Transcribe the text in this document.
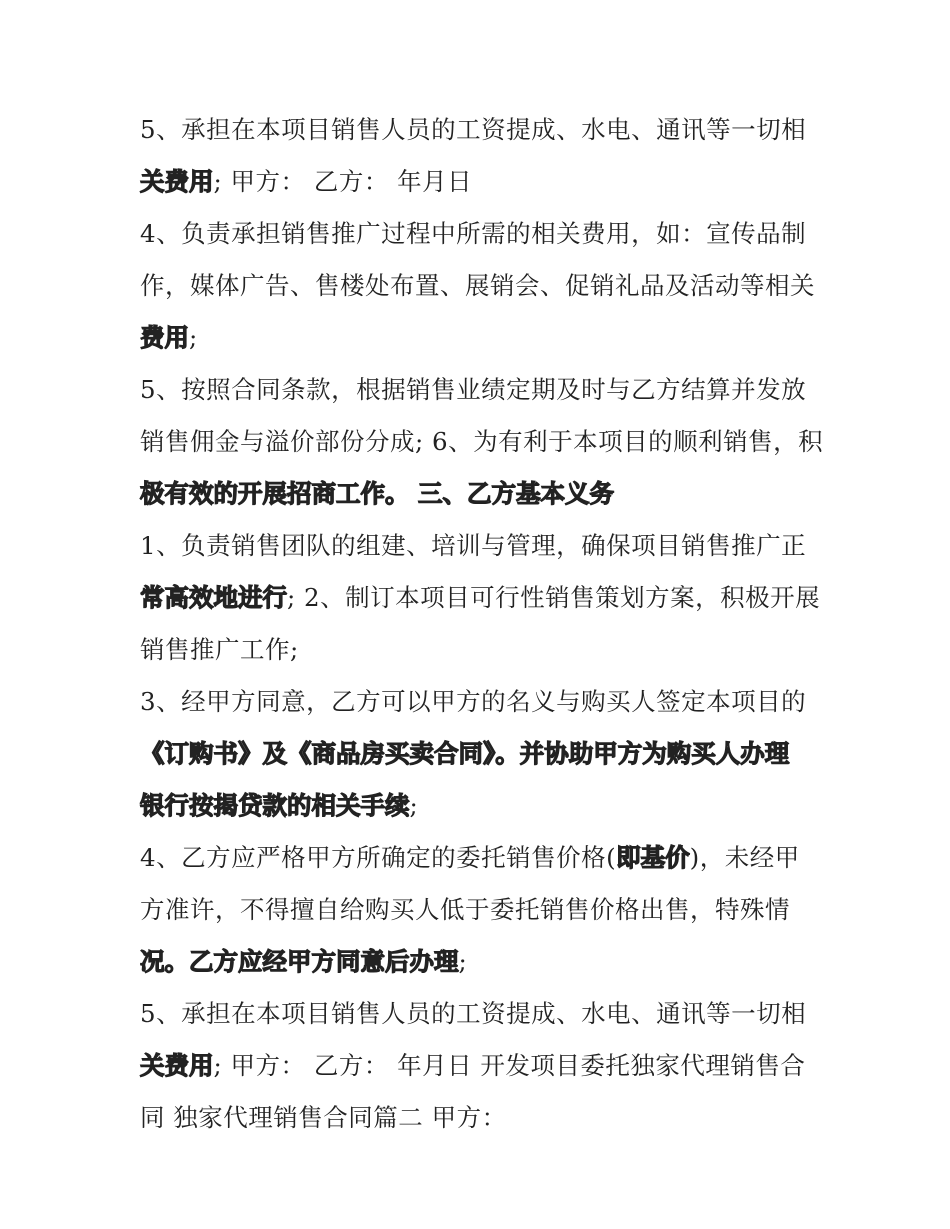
5、承担在本项目销售人员的工资提成、水电、通讯等一切相
关费用; 甲方： 乙方： 年月日
4、负责承担销售推广过程中所需的相关费用，如：宣传品制
作，媒体广告、售楼处布置、展销会、促销礼品及活动等相关
费用;
5、按照合同条款，根据销售业绩定期及时与乙方结算并发放
销售佣金与溢价部份分成; 6、为有利于本项目的顺利销售，积
极有效的开展招商工作。 三、乙方基本义务
1、负责销售团队的组建、培训与管理，确保项目销售推广正
常高效地进行; 2、制订本项目可行性销售策划方案，积极开展
销售推广工作;
3、经甲方同意，乙方可以甲方的名义与购买人签定本项目的
《订购书》及《商品房买卖合同》。并协助甲方为购买人办理
银行按揭贷款的相关手续;
4、乙方应严格甲方所确定的委托销售价格(即基价)，未经甲
方准许，不得擅自给购买人低于委托销售价格出售，特殊情
况。乙方应经甲方同意后办理;
5、承担在本项目销售人员的工资提成、水电、通讯等一切相
关费用; 甲方： 乙方： 年月日 开发项目委托独家代理销售合
同 独家代理销售合同篇二 甲方：
